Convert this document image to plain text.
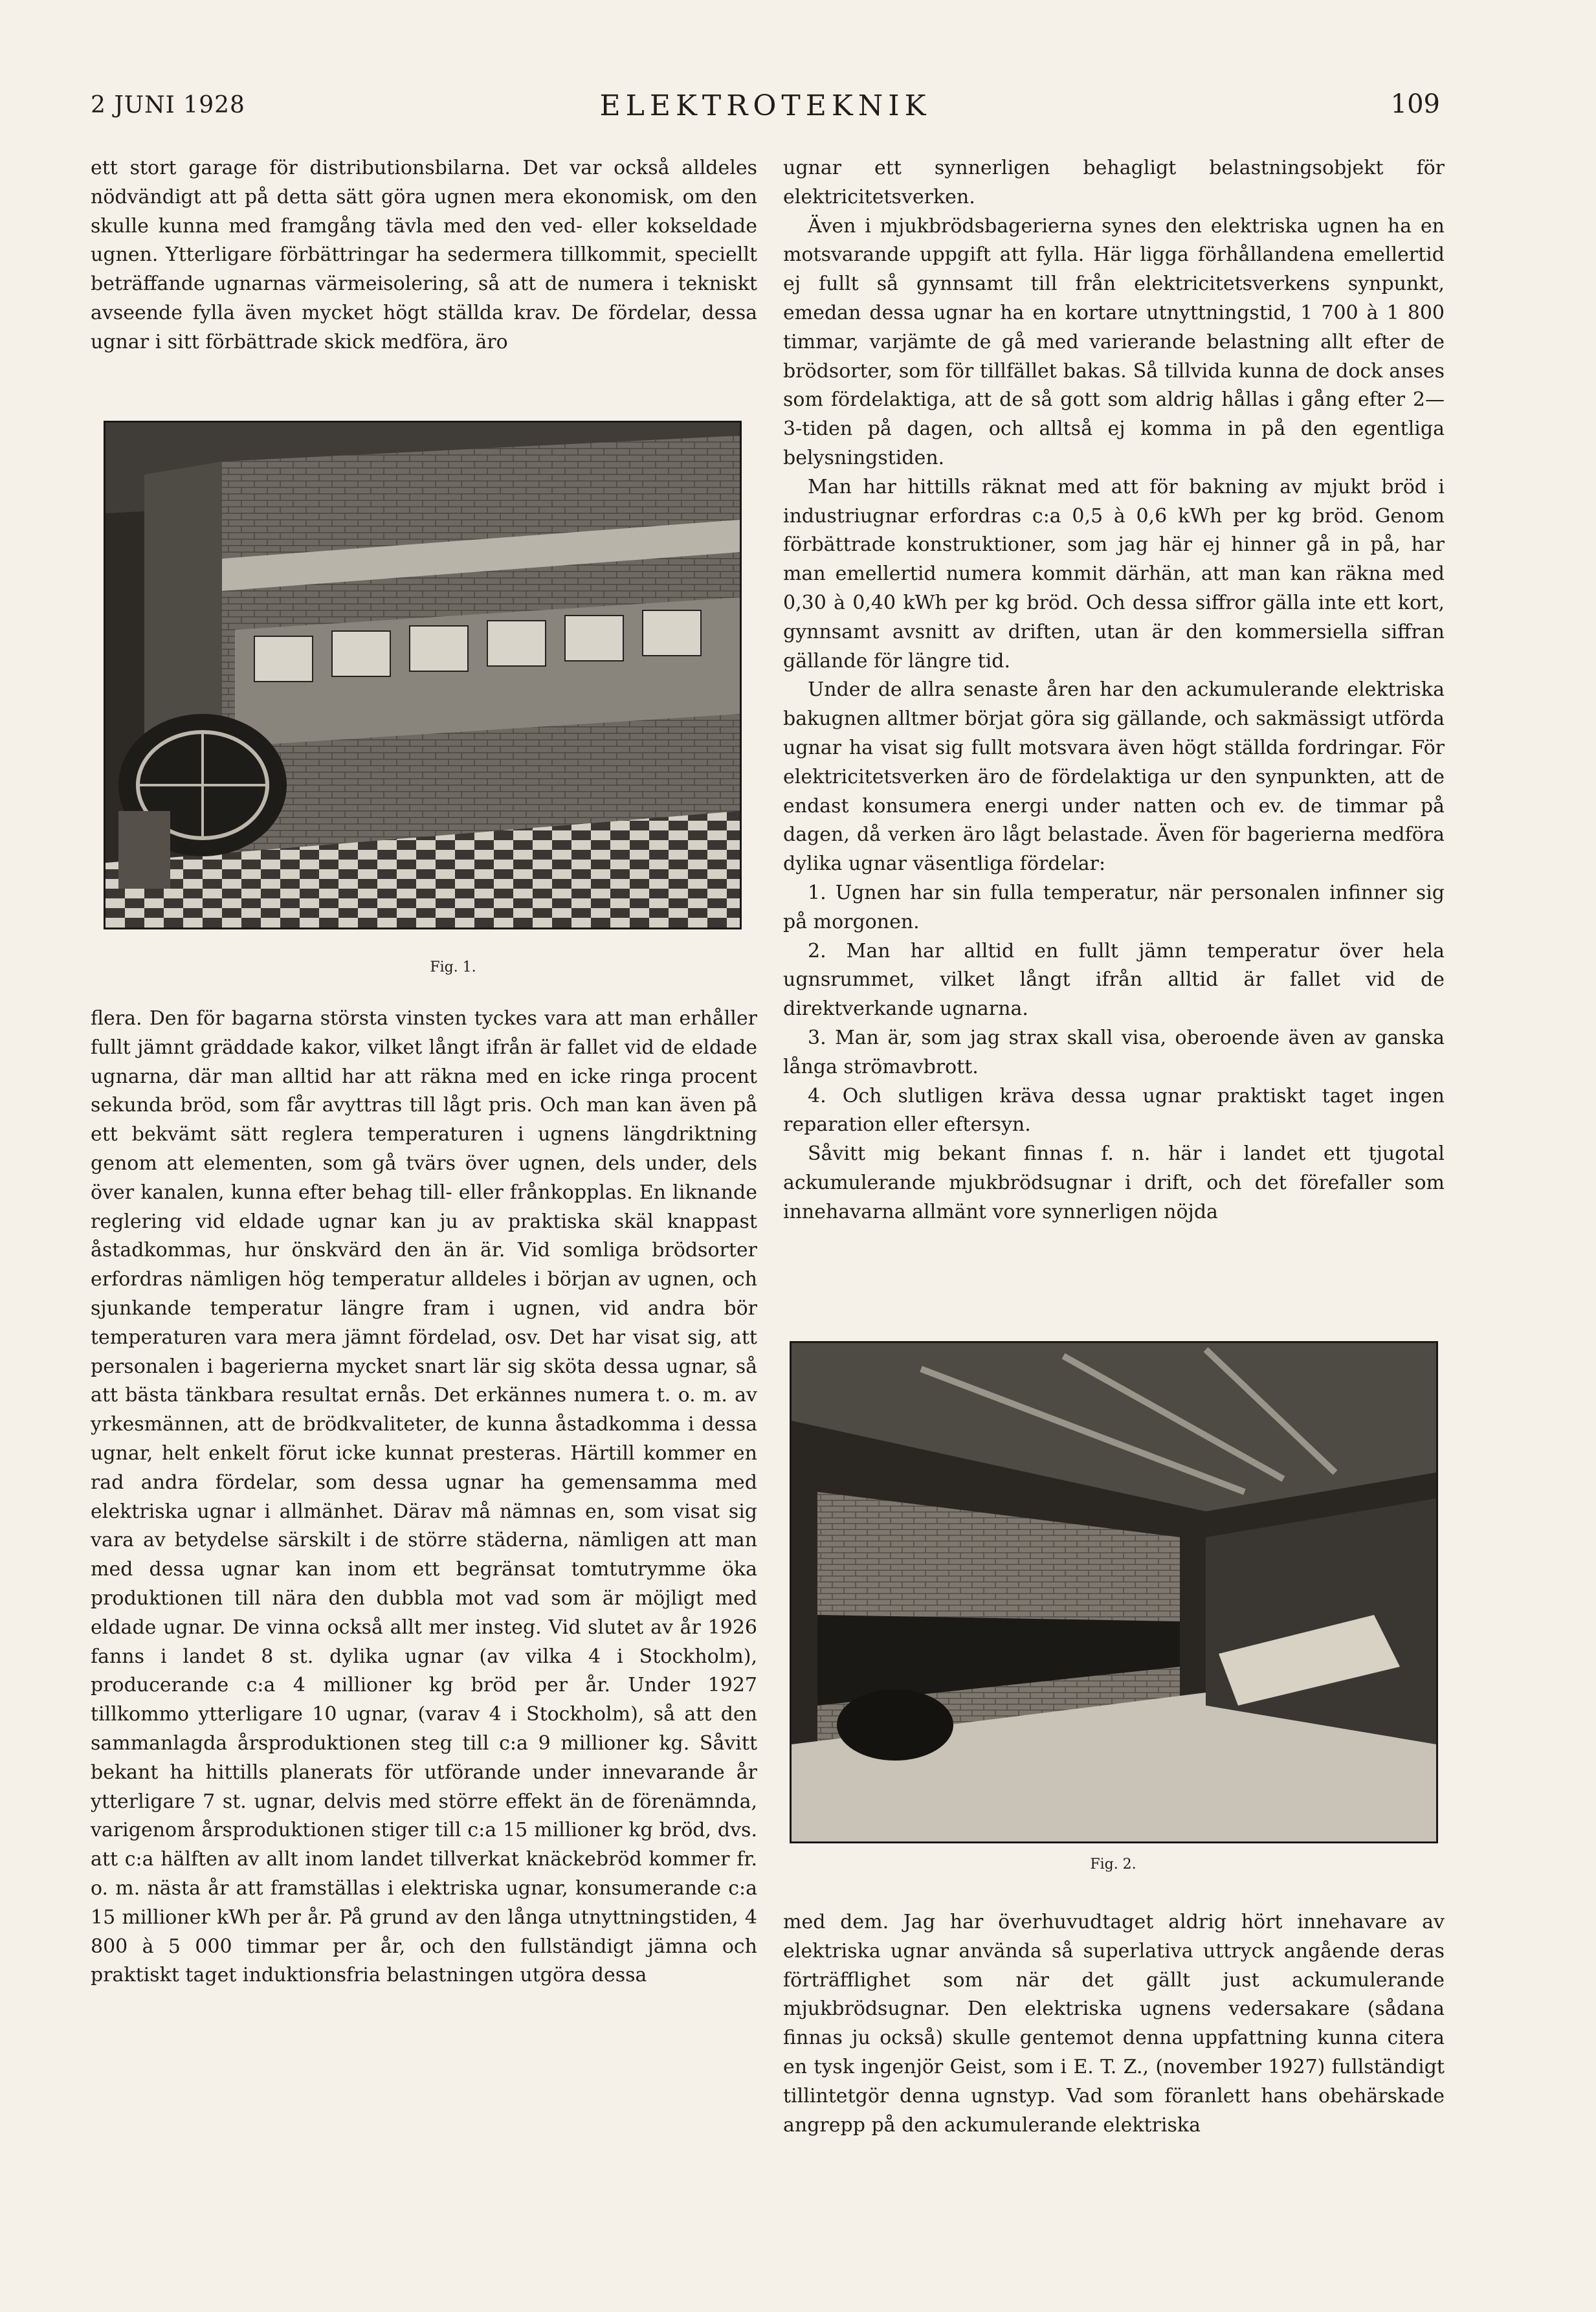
2 JUNI 1928	ELEKTROTEKNIK	109

ett stort garage för distributionsbilarna. Det var också alldeles nödvändigt att på detta sätt göra ugnen mera ekonomisk, om den skulle kunna med framgång tävla med den ved- eller kokseldade ugnen. Ytterligare förbättringar ha sedermera tillkommit, speciellt beträffande ugnarnas värmeisolering, så att de numera i tekniskt avseende fylla även mycket högt ställda krav. De fördelar, dessa ugnar i sitt förbättrade skick medföra, äro

Fig. 1.

flera. Den för bagarna största vinsten tyckes vara att man erhåller fullt jämnt gräddade kakor, vilket långt ifrån är fallet vid de eldade ugnarna, där man alltid har att räkna med en icke ringa procent sekunda bröd, som får avyttras till lågt pris. Och man kan även på ett bekvämt sätt reglera temperaturen i ugnens längdriktning genom att elementen, som gå tvärs över ugnen, dels under, dels över kanalen, kunna efter behag till- eller frånkopplas. En liknande reglering vid eldade ugnar kan ju av praktiska skäl knappast åstadkommas, hur önskvärd den än är. Vid somliga brödsorter erfordras nämligen hög temperatur alldeles i början av ugnen, och sjunkande temperatur längre fram i ugnen, vid andra bör temperaturen vara mera jämnt fördelad, osv. Det har visat sig, att personalen i bagerierna mycket snart lär sig sköta dessa ugnar, så att bästa tänkbara resultat ernås. Det erkännes numera t. o. m. av yrkesmännen, att de brödkvaliteter, de kunna åstadkomma i dessa ugnar, helt enkelt förut icke kunnat presteras. Härtill kommer en rad andra fördelar, som dessa ugnar ha gemensamma med elektriska ugnar i allmänhet. Därav må nämnas en, som visat sig vara av betydelse särskilt i de större städerna, nämligen att man med dessa ugnar kan inom ett begränsat tomtutrymme öka produktionen till nära den dubbla mot vad som är möjligt med eldade ugnar. De vinna också allt mer insteg. Vid slutet av år 1926 fanns i landet 8 st. dylika ugnar (av vilka 4 i Stockholm), producerande c:a 4 millioner kg bröd per år. Under 1927 tillkommo ytterligare 10 ugnar, (varav 4 i Stockholm), så att den sammanlagda årsproduktionen steg till c:a 9 millioner kg. Såvitt bekant ha hittills planerats för utförande under innevarande år ytterligare 7 st. ugnar, delvis med större effekt än de förenämnda, varigenom årsproduktionen stiger till c:a 15 millioner kg bröd, dvs. att c:a hälften av allt inom landet tillverkat knäckebröd kommer fr. o. m. nästa år att framställas i elektriska ugnar, konsumerande c:a 15 millioner kWh per år. På grund av den långa utnyttningstiden, 4 800 à 5 000 timmar per år, och den fullständigt jämna och praktiskt taget induktionsfria belastningen utgöra dessa

ugnar ett synnerligen behagligt belastningsobjekt för elektricitetsverken.

Även i mjukbrödsbagerierna synes den elektriska ugnen ha en motsvarande uppgift att fylla. Här ligga förhållandena emellertid ej fullt så gynnsamt till från elektricitetsverkens synpunkt, emedan dessa ugnar ha en kortare utnyttningstid, 1 700 à 1 800 timmar, varjämte de gå med varierande belastning allt efter de brödsorter, som för tillfället bakas. Så tillvida kunna de dock anses som fördelaktiga, att de så gott som aldrig hållas i gång efter 2—3-tiden på dagen, och alltså ej komma in på den egentliga belysningstiden.

Man har hittills räknat med att för bakning av mjukt bröd i industriugnar erfordras c:a 0,5 à 0,6 kWh per kg bröd. Genom förbättrade konstruktioner, som jag här ej hinner gå in på, har man emellertid numera kommit därhän, att man kan räkna med 0,30 à 0,40 kWh per kg bröd. Och dessa siffror gälla inte ett kort, gynnsamt avsnitt av driften, utan är den kommersiella siffran gällande för längre tid.

Under de allra senaste åren har den ackumulerande elektriska bakugnen alltmer börjat göra sig gällande, och sakmässigt utförda ugnar ha visat sig fullt motsvara även högt ställda fordringar. För elektricitetsverken äro de fördelaktiga ur den synpunkten, att de endast konsumera energi under natten och ev. de timmar på dagen, då verken äro lågt belastade. Även för bagerierna medföra dylika ugnar väsentliga fördelar:

1. Ugnen har sin fulla temperatur, när personalen infinner sig på morgonen.

2. Man har alltid en fullt jämn temperatur över hela ugnsrummet, vilket långt ifrån alltid är fallet vid de direktverkande ugnarna.

3. Man är, som jag strax skall visa, oberoende även av ganska långa strömavbrott.

4. Och slutligen kräva dessa ugnar praktiskt taget ingen reparation eller eftersyn.

Såvitt mig bekant finnas f. n. här i landet ett tjugotal ackumulerande mjukbrödsugnar i drift, och det förefaller som innehavarna allmänt vore synnerligen nöjda

Fig. 2.

med dem. Jag har överhuvudtaget aldrig hört innehavare av elektriska ugnar använda så superlativa uttryck angående deras förträfflighet som när det gällt just ackumulerande mjukbrödsugnar. Den elektriska ugnens vedersakare (sådana finnas ju också) skulle gentemot denna uppfattning kunna citera en tysk ingenjör Geist, som i E. T. Z., (november 1927) fullständigt tillintetgör denna ugnstyp. Vad som föranlett hans obehärskade angrepp på den ackumulerande elektriska
